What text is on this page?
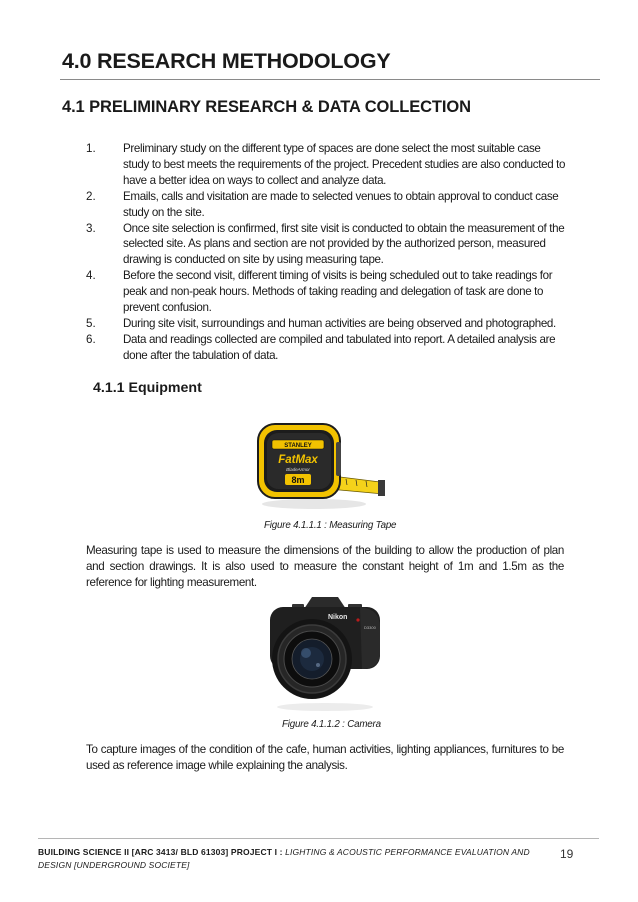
4.0 RESEARCH METHODOLOGY
4.1 PRELIMINARY RESEARCH & DATA COLLECTION
1. Preliminary study on the different type of spaces are done select the most suitable case study to best meets the requirements of the project. Precedent studies are also conducted to have a better idea on ways to collect and analyze data.
2. Emails, calls and visitation are made to selected venues to obtain approval to conduct case study on the site.
3. Once site selection is confirmed, first site visit is conducted to obtain the measurement of the selected site. As plans and section are not provided by the authorized person, measured drawing is conducted on site by using measuring tape.
4. Before the second visit, different timing of visits is being scheduled out to take readings for peak and non-peak hours. Methods of taking reading and delegation of task are done to prevent confusion.
5. During site visit, surroundings and human activities are being observed and photographed.
6. Data and readings collected are compiled and tabulated into report. A detailed analysis are done after the tabulation of data.
4.1.1 Equipment
STANLEY
FatMax
BladeArmor
8m
Figure 4.1.1.1 : Measuring Tape

Measuring tape is used to measure the dimensions of the building to allow the production of plan and section drawings. It is also used to measure the constant height of 1m and 1.5m as the reference for lighting measurement.

Nikon
D3300
Figure 4.1.1.2 : Camera

To capture images of the condition of the cafe, human activities, lighting appliances, furnitures to be used as reference image while explaining the analysis.

BUILDING SCIENCE II [ARC 3413/ BLD 61303] PROJECT I : LIGHTING & ACOUSTIC PERFORMANCE EVALUATION AND DESIGN [UNDERGROUND SOCIETE]

19
